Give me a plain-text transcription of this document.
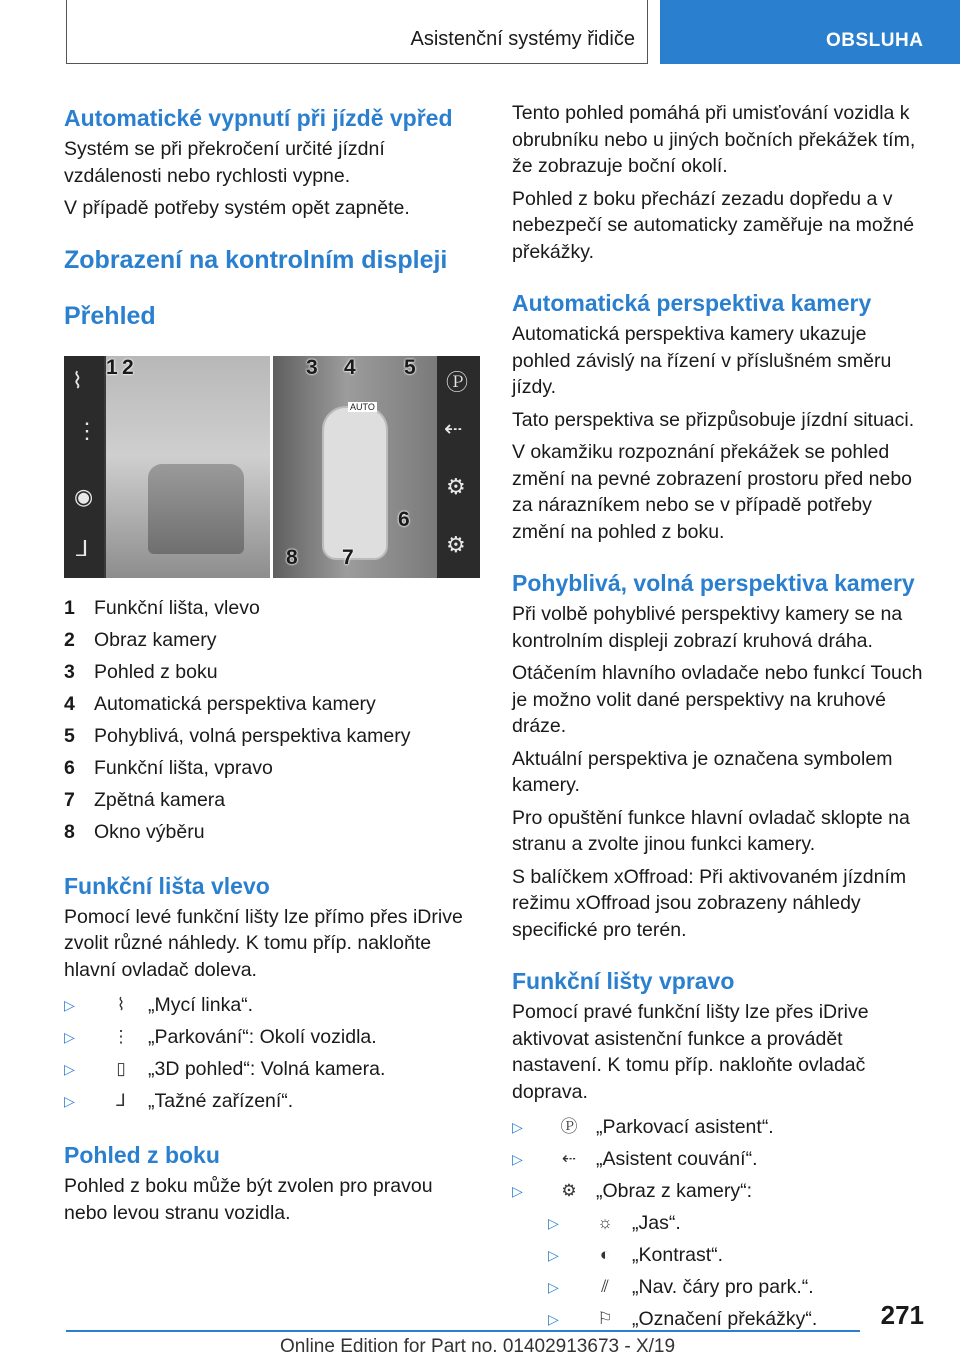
Asistenční systémy řidiče	OBSLUHA
Automatické vypnutí při jízdě vpřed

Systém se při překročení určité jízdní vzdálenosti nebo rychlosti vypne.

V případě potřeby systém opět zapněte.

Zobrazení na kontrolním displeji
Přehled
⌇
⋮
◉
⅃
Ⓟ
⇠
⚙
⚙
1 2	3 4 5
6
7
8
AUTO
1 Funkční lišta, vlevo
2 Obraz kamery
3 Pohled z boku
4 Automatická perspektiva kamery
5 Pohyblivá, volná perspektiva kamery
6 Funkční lišta, vpravo
7 Zpětná kamera
8 Okno výběru
Funkční lišta vlevo

Pomocí levé funkční lišty lze přímo přes iDrive zvolit různé náhledy. K tomu příp. nakloňte hlavní ovladač doleva.

▷	⌇	„Mycí linka“.
▷	⋮ „Parkování“: Okolí vozidla.
▷	▯	„3D pohled“: Volná kamera.
▷	⅃	„Tažné zařízení“.
Pohled z boku

Pohled z boku může být zvolen pro pravou nebo levou stranu vozidla.

Tento pohled pomáhá při umisťování vozidla k obrubníku nebo u jiných bočních překážek tím, že zobrazuje boční okolí.

Pohled z boku přechází zezadu dopředu a v nebezpečí se automaticky zaměřuje na možné překážky.

Automatická perspektiva kamery

Automatická perspektiva kamery ukazuje pohled závislý na řízení v příslušném směru jízdy.

Tato perspektiva se přizpůsobuje jízdní situaci.

V okamžiku rozpoznání překážek se pohled změní na pevné zobrazení prostoru před nebo za nárazníkem nebo se v případě potřeby změní na pohled z boku.

Pohyblivá, volná perspektiva kamery

Při volbě pohyblivé perspektivy kamery se na kontrolním displeji zobrazí kruhová dráha.

Otáčením hlavního ovladače nebo funkcí Touch je možno volit dané perspektivy na kruhové dráze.

Aktuální perspektiva je označena symbolem kamery.

Pro opuštění funkce hlavní ovladač sklopte na stranu a zvolte jinou funkci kamery.

S balíčkem xOffroad: Při aktivovaném jízdním režimu xOffroad jsou zobrazeny náhledy specifické pro terén.

Funkční lišty vpravo

Pomocí pravé funkční lišty lze přes iDrive aktivovat asistenční funkce a provádět nastavení. K tomu příp. nakloňte ovladač doprava.

▷	Ⓟ „Parkovací asistent“.
▷	⇠	„Asistent couvání“.
▷	⚙ „Obraz z kamery“:
▷	☼ „Jas“.
▷	◐	„Kontrast“.
▷	⫽	„Nav. čáry pro park.“.
▷	⚐ „Označení překážky“. 271
Online Edition for Part no. 01402913673 - X/19
